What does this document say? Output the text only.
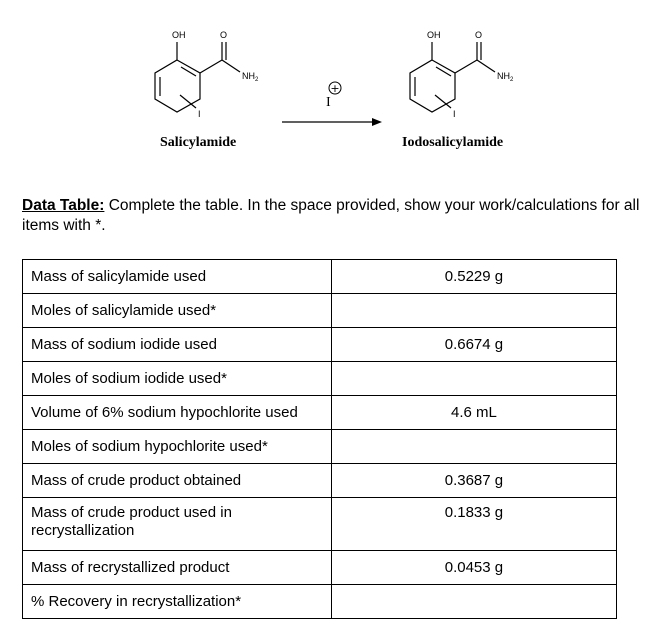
OH	O
$NH_2$
I
Salicylamide
+
I
OH	O
$NH_2$
I
Iodosalicylamide
Data Table: Complete the table. In the space provided, show your work/calculations for all items with *.
Mass of salicylamide used	0.5229 g
Moles of salicylamide used*	
Mass of sodium iodide used	0.6674 g
Moles of sodium iodide used*	
Volume of 6% sodium hypochlorite used	4.6 mL
Moles of sodium hypochlorite used*	
Mass of crude product obtained	0.3687 g
Mass of crude product used in recrystallization	0.1833 g
Mass of recrystallized product	0.0453 g
% Recovery in recrystallization*	
